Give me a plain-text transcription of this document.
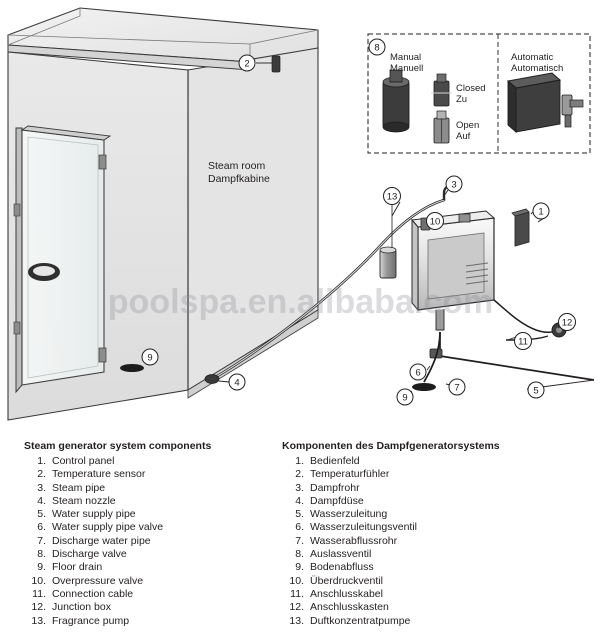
1
2
3
4
5
6
7
9
9
10
11
12
13
8
Steam room
Dampfkabine
Manual
Manuell
Closed
Zu
Open
Auf
Automatic
Automatisch
poolspa.en.alibaba.com
Steam generator system components
1. Control panel
2. Temperature sensor
3. Steam pipe
4. Steam nozzle
5. Water supply pipe
6. Water supply pipe valve
7. Discharge water pipe
8. Discharge valve
9. Floor drain
10. Overpressure valve
11. Connection cable
12. Junction box
13. Fragrance pump
Komponenten des Dampfgeneratorsystems
1. Bedienfeld
2. Temperaturfühler
3. Dampfrohr
4. Dampfdüse
5. Wasserzuleitung
6. Wasserzuleitungsventil
7. Wasserabflussrohr
8. Auslassventil
9. Bodenabfluss
10. Überdruckventil
11. Anschlusskabel
12. Anschlusskasten
13. Duftkonzentratpumpe
